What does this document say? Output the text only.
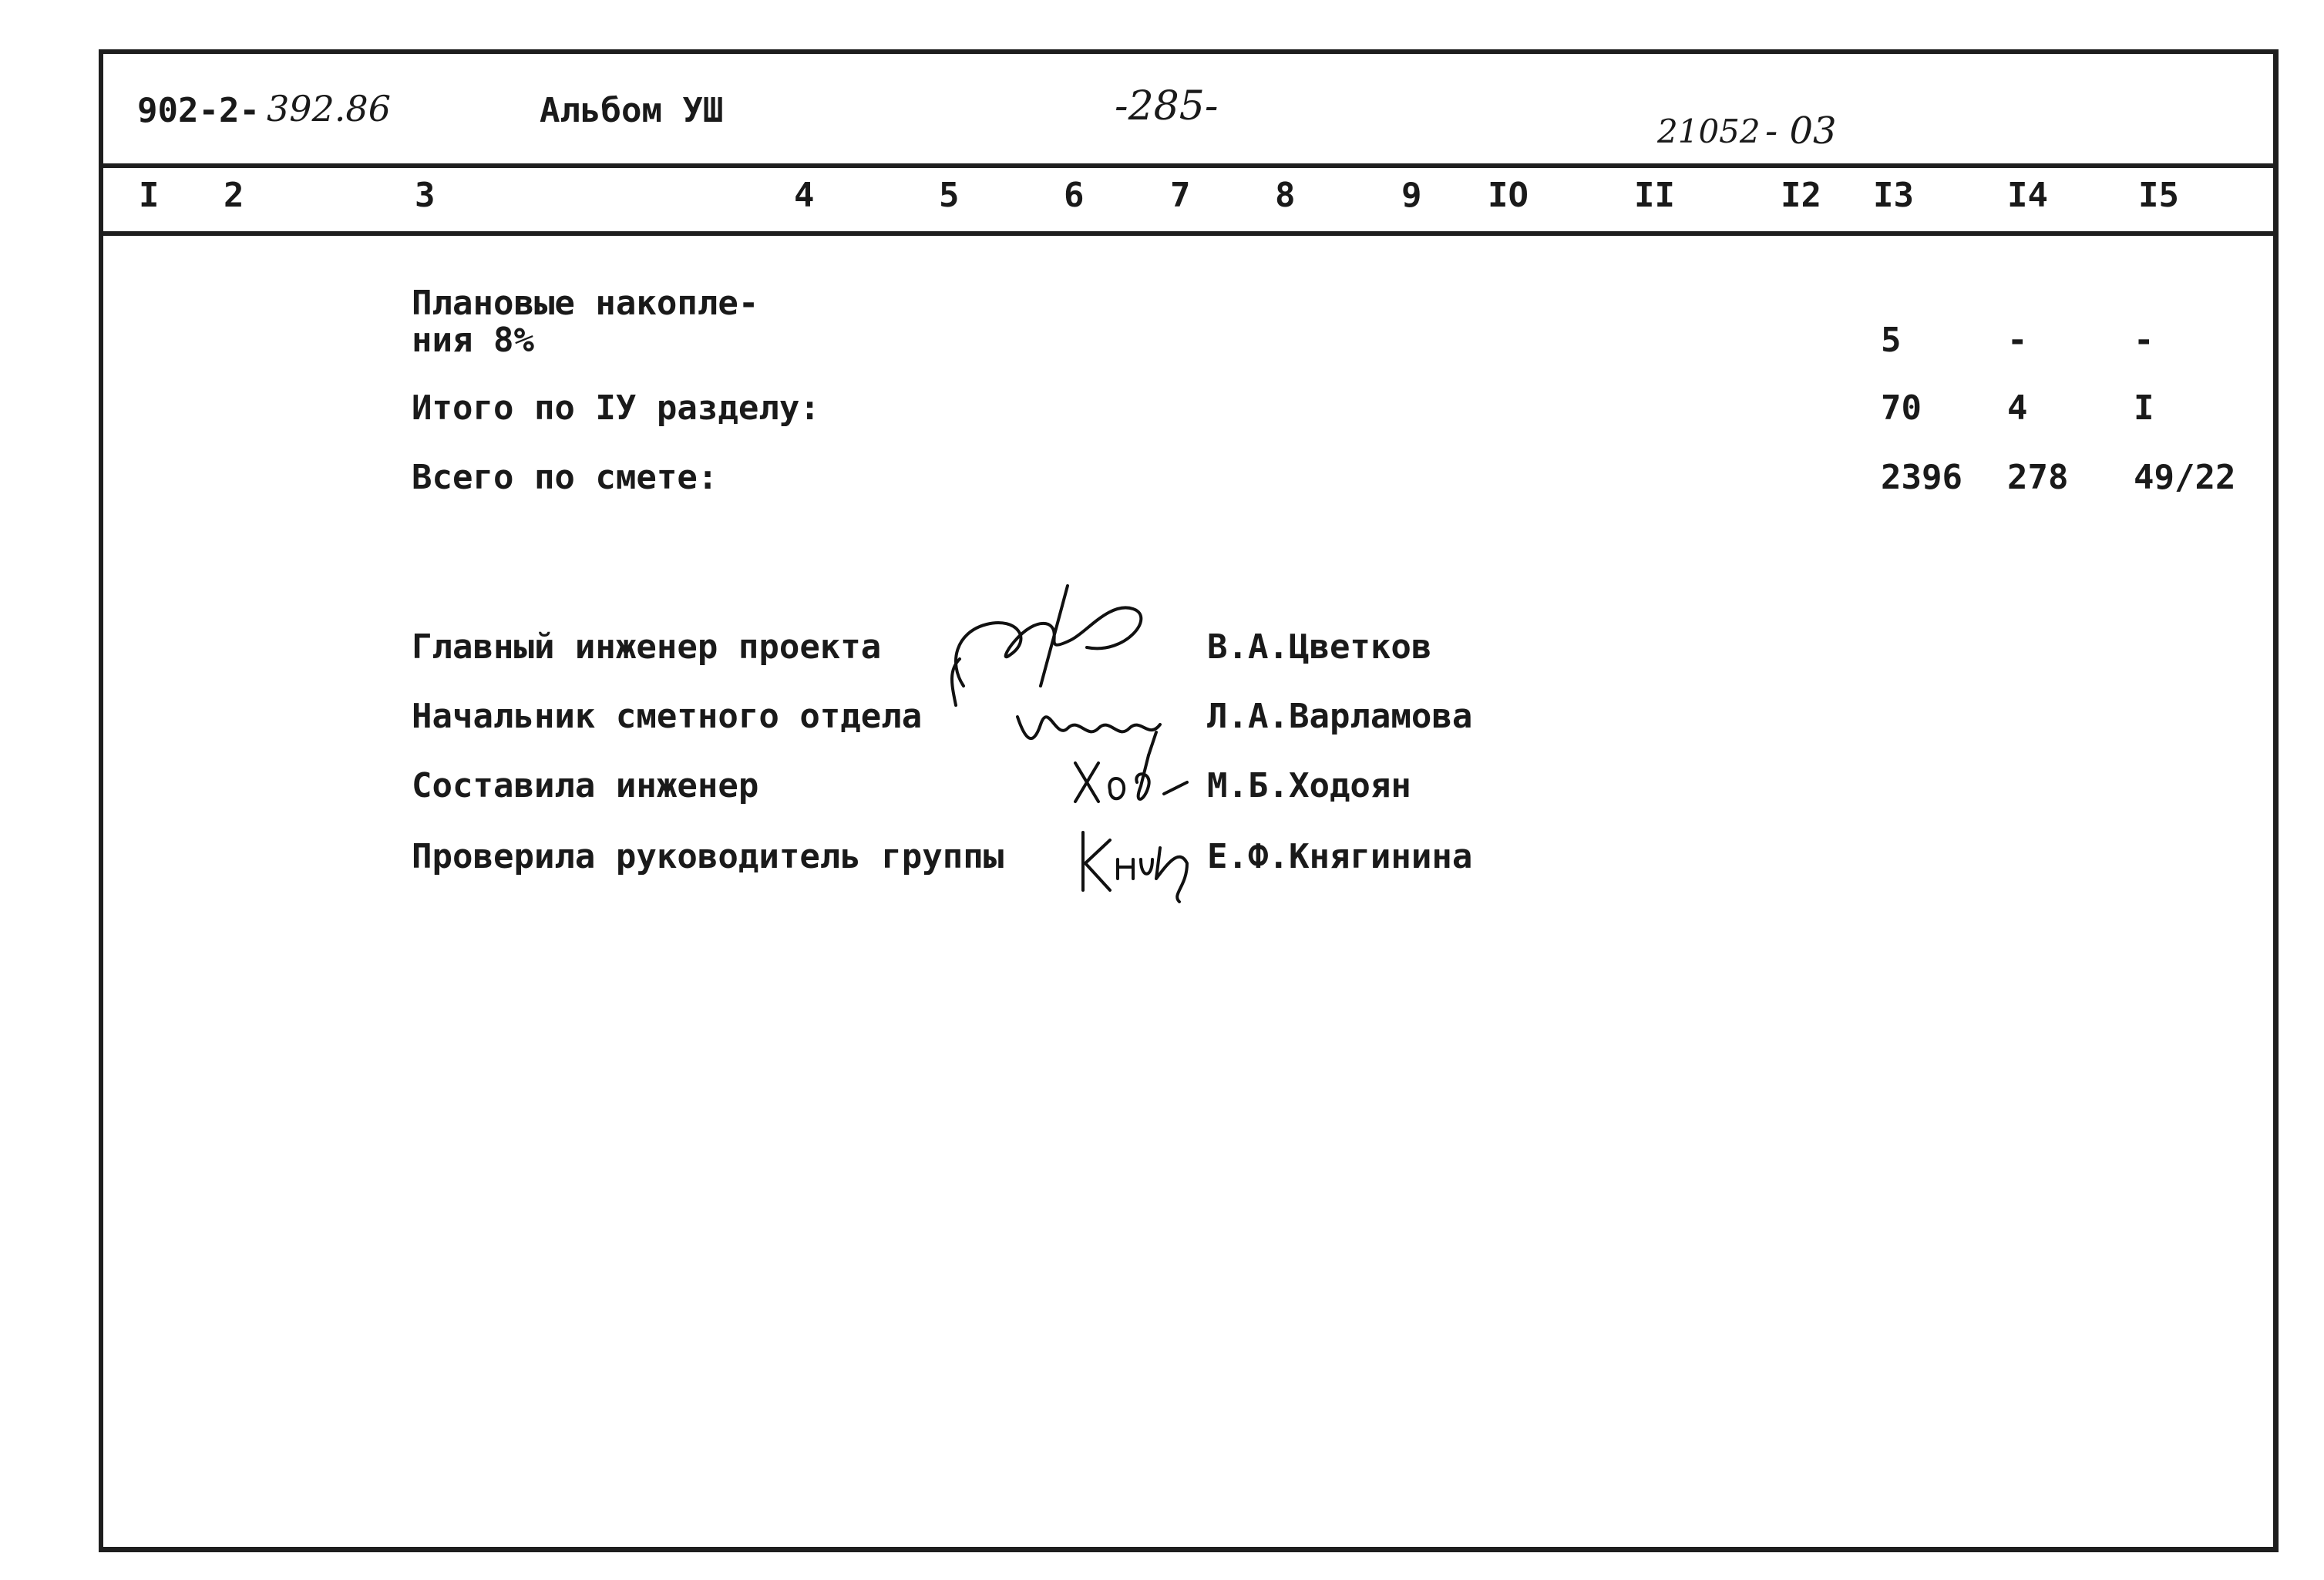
902-2- 392.86	Альбом УШ	-285-
21052 - 03
I 2	3	4	5	6	7 8	9 IO	II	I2 I3	I4	I5
Плановые накопле-
ния 8%	5	-	-
Итого по IУ разделу:	70	4	I
Всего по смете:	2396 278 49/22
Главный инженер проекта	В.А.Цветков
Начальник сметного отдела	Л.А.Варламова
Составила инженер	М.Б.Ходоян
Проверила руководитель группы	Е.Ф.Княгинина
